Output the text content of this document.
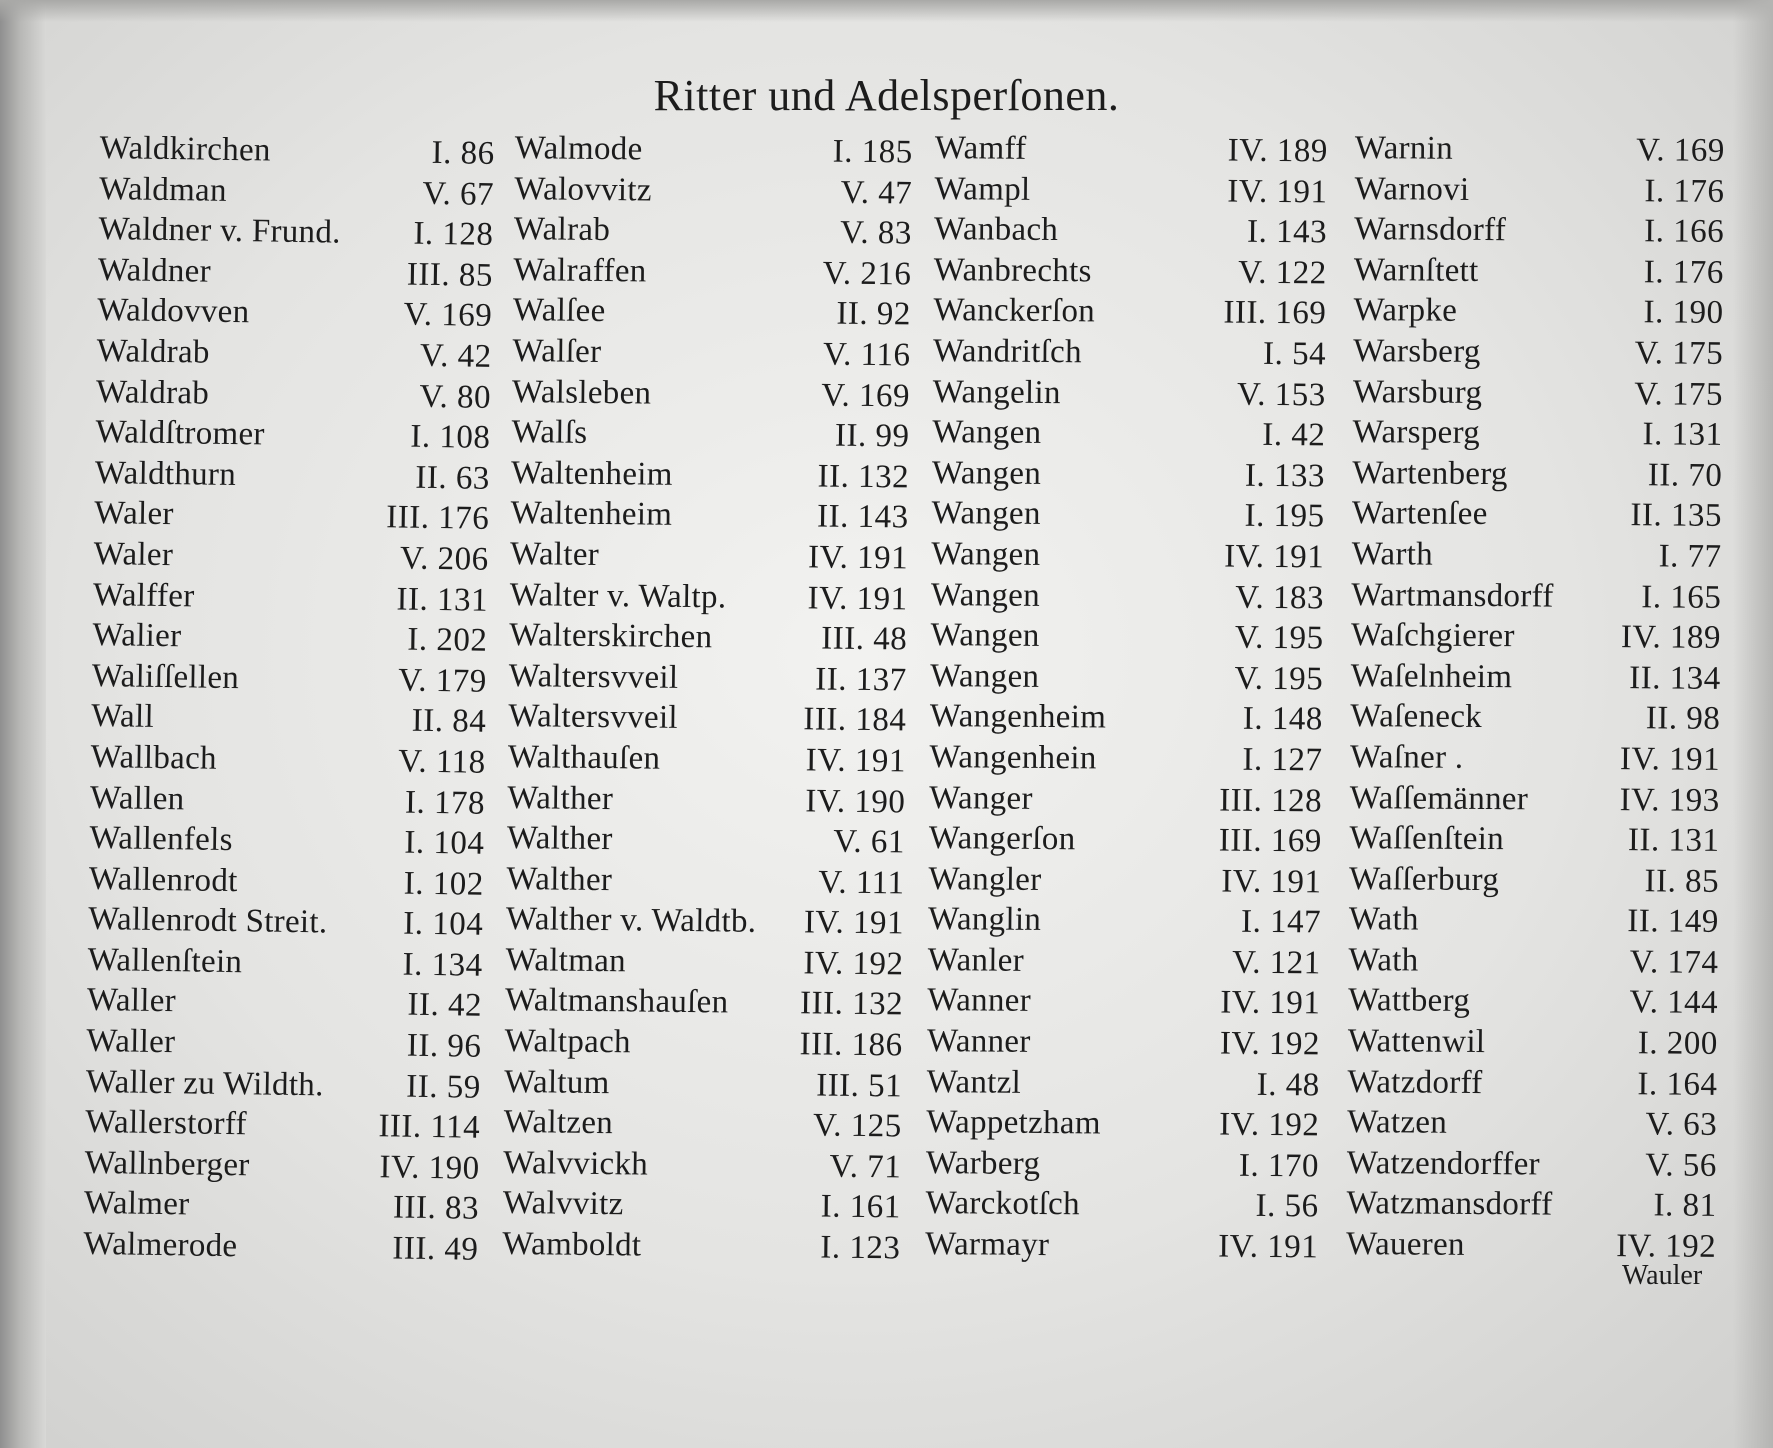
Ritter und Adelsperſonen.
Waldkirchen	I. 86
Waldman	V. 67
Waldner v. Frund. I. 128
Waldner	III. 85
Waldovven	V. 169
Waldrab	V. 42
Waldrab	V. 80
Waldſtromer	I. 108
Waldthurn	II. 63
Waler	III. 176
Waler	V. 206
Walffer	II. 131
Walier	I. 202
Waliſſellen	V. 179
Wall	II. 84
Wallbach	V. 118
Wallen	I. 178
Wallenfels	I. 104
Wallenrodt	I. 102
Wallenrodt Streit. I. 104
Wallenſtein	I. 134
Waller	II. 42
Waller	II. 96
Waller zu Wildth. II. 59
Wallerstorff	III. 114
Wallnberger	IV. 190
Walmer	III. 83
Walmerode	III. 49
Walmode	I. 185
Walovvitz	V. 47
Walrab	V. 83
Walraffen	V. 216
Walſee	II. 92
Walſer	V. 116
Walsleben	V. 169
Walſs	II. 99
Waltenheim	II. 132
Waltenheim	II. 143
Walter	IV. 191
Walter v. Waltp. IV. 191
Walterskirchen	III. 48
Waltersvveil	II. 137
Waltersvveil	III. 184
Walthauſen	IV. 191
Walther	IV. 190
Walther	V. 61
Walther	V. 111
Walther v. Waldtb. IV. 191
Waltman	IV. 192
Waltmanshauſen III. 132
Waltpach	III. 186
Waltum	III. 51
Waltzen	V. 125
Walvvickh	V. 71
Walvvitz	I. 161
Wamboldt	I. 123
Wamff	IV. 189
Wampl	IV. 191
Wanbach	I. 143
Wanbrechts	V. 122
Wanckerſon	III. 169
Wandritſch	I. 54
Wangelin	V. 153
Wangen	I. 42
Wangen	I. 133
Wangen	I. 195
Wangen	IV. 191
Wangen	V. 183
Wangen	V. 195
Wangen	V. 195
Wangenheim	I. 148
Wangenhein	I. 127
Wanger	III. 128
Wangerſon	III. 169
Wangler	IV. 191
Wanglin	I. 147
Wanler	V. 121
Wanner	IV. 191
Wanner	IV. 192
Wantzl	I. 48
Wappetzham	IV. 192
Warberg	I. 170
Warckotſch	I. 56
Warmayr	IV. 191
Warnin	V. 169
Warnovi	I. 176
Warnsdorff	I. 166
Warnſtett	I. 176
Warpke	I. 190
Warsberg	V. 175
Warsburg	V. 175
Warsperg	I. 131
Wartenberg	II. 70
Wartenſee	II. 135
Warth	I. 77
Wartmansdorff	I. 165
Waſchgierer	IV. 189
Waſelnheim	II. 134
Waſeneck	II. 98
Waſner .	IV. 191
Waſſemänner	IV. 193
Waſſenſtein	II. 131
Waſſerburg	II. 85
Wath	II. 149
Wath	V. 174
Wattberg	V. 144
Wattenwil	I. 200
Watzdorff	I. 164
Watzen	V. 63
Watzendorffer	V. 56
Watzmansdorff	I. 81
Waueren	IV. 192
Wauler
